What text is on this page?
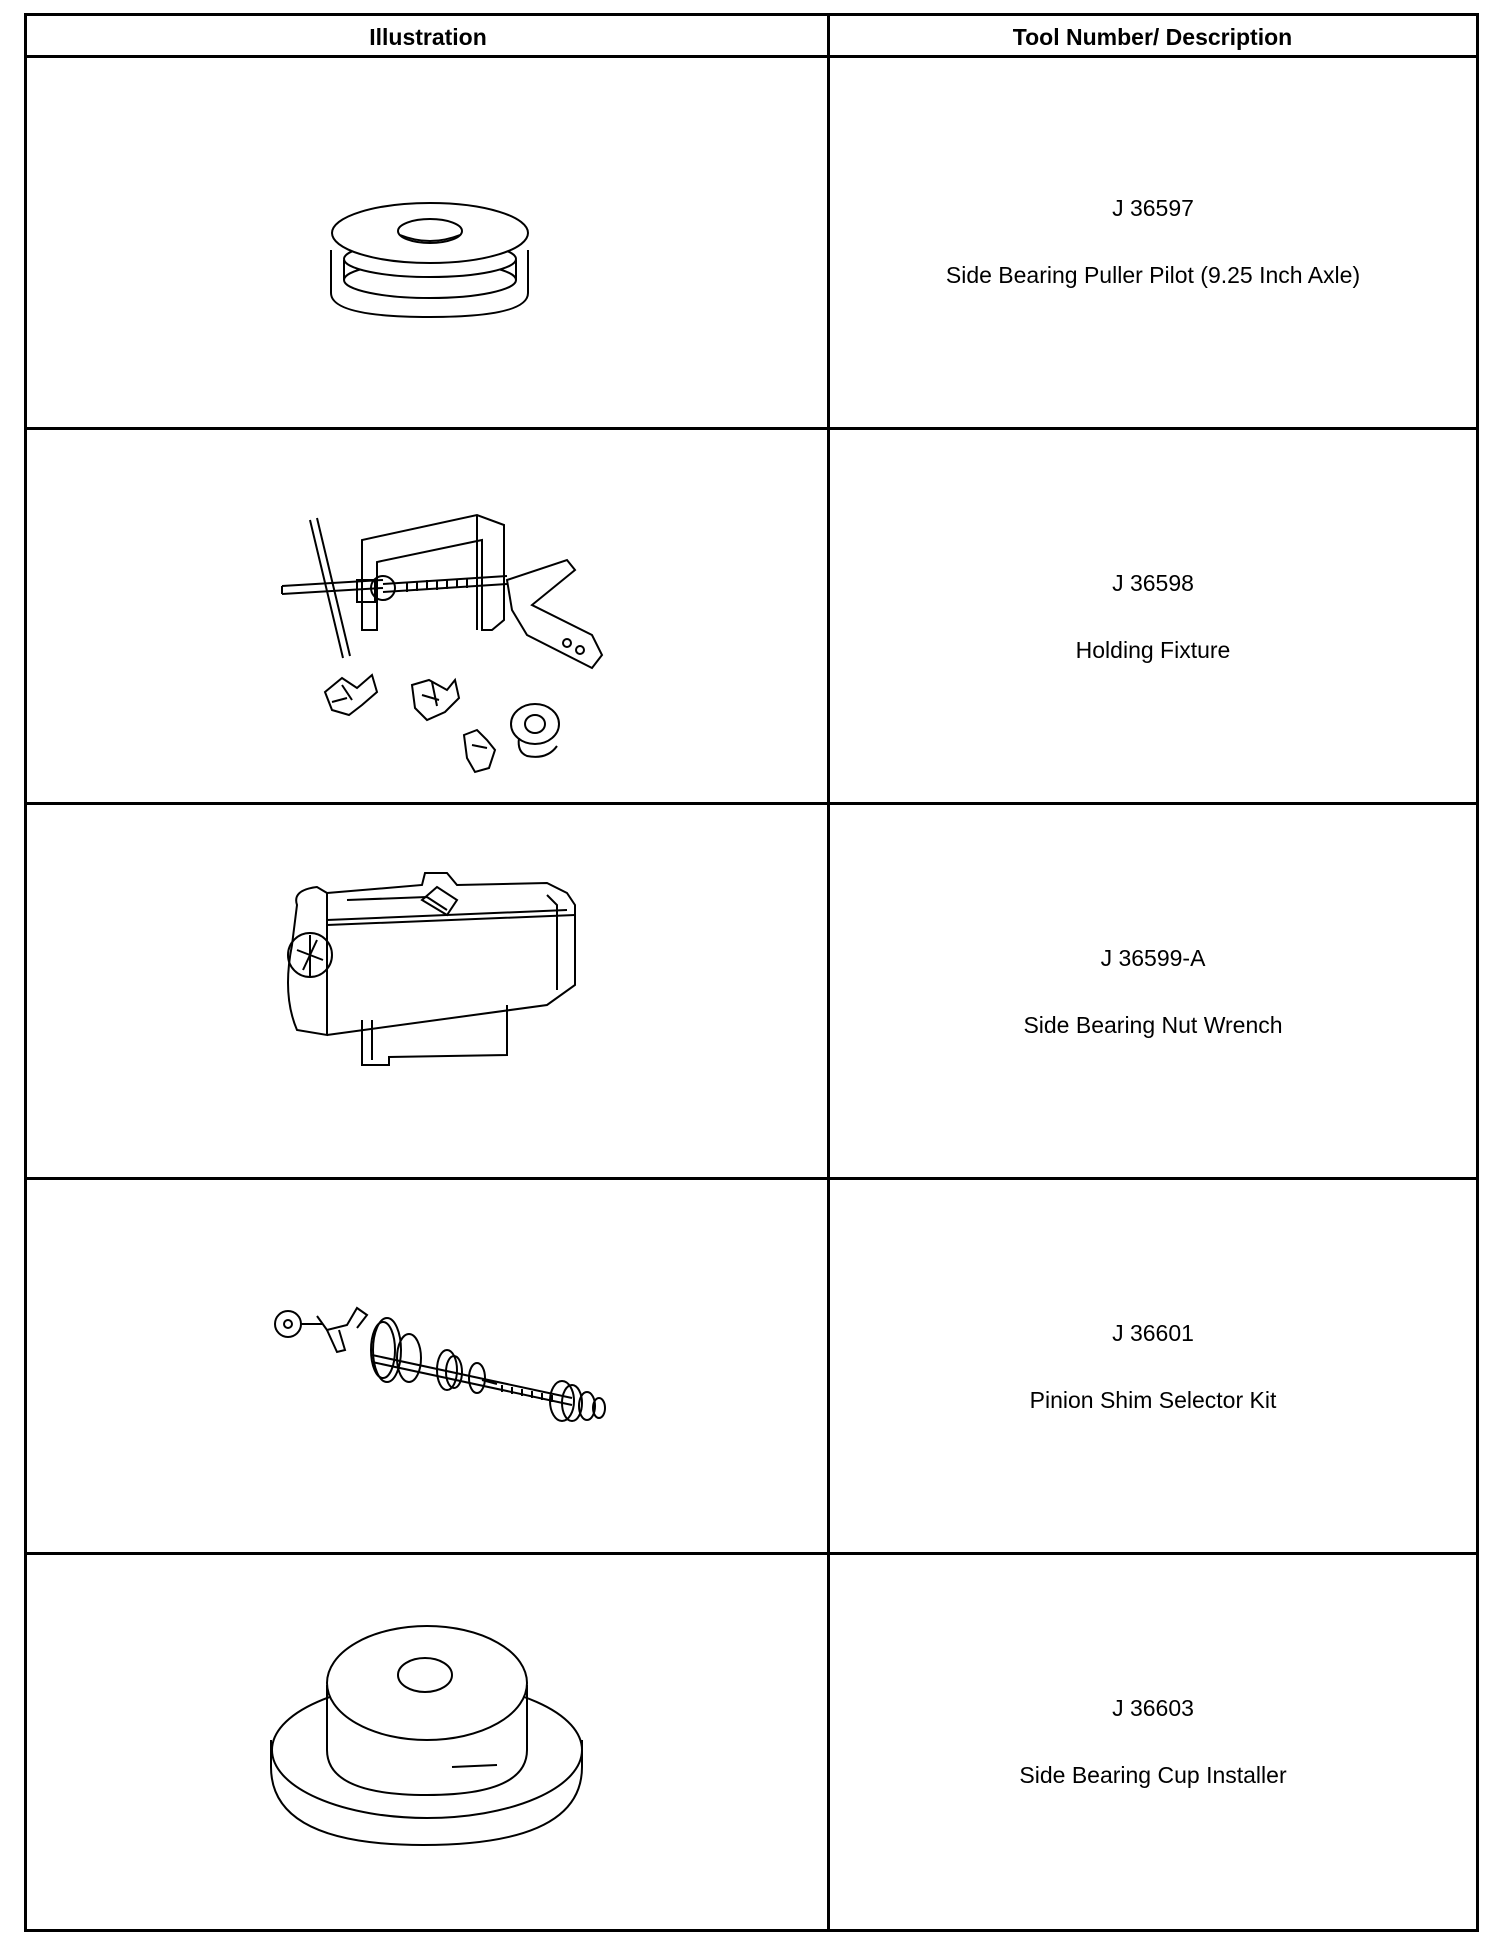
Illustration	Tool Number/ Description
J 36597
Side Bearing Puller Pilot (9.25 Inch Axle)
J 36598
Holding Fixture
J 36599-A
Side Bearing Nut Wrench
J 36601
Pinion Shim Selector Kit
J 36603
Side Bearing Cup Installer
